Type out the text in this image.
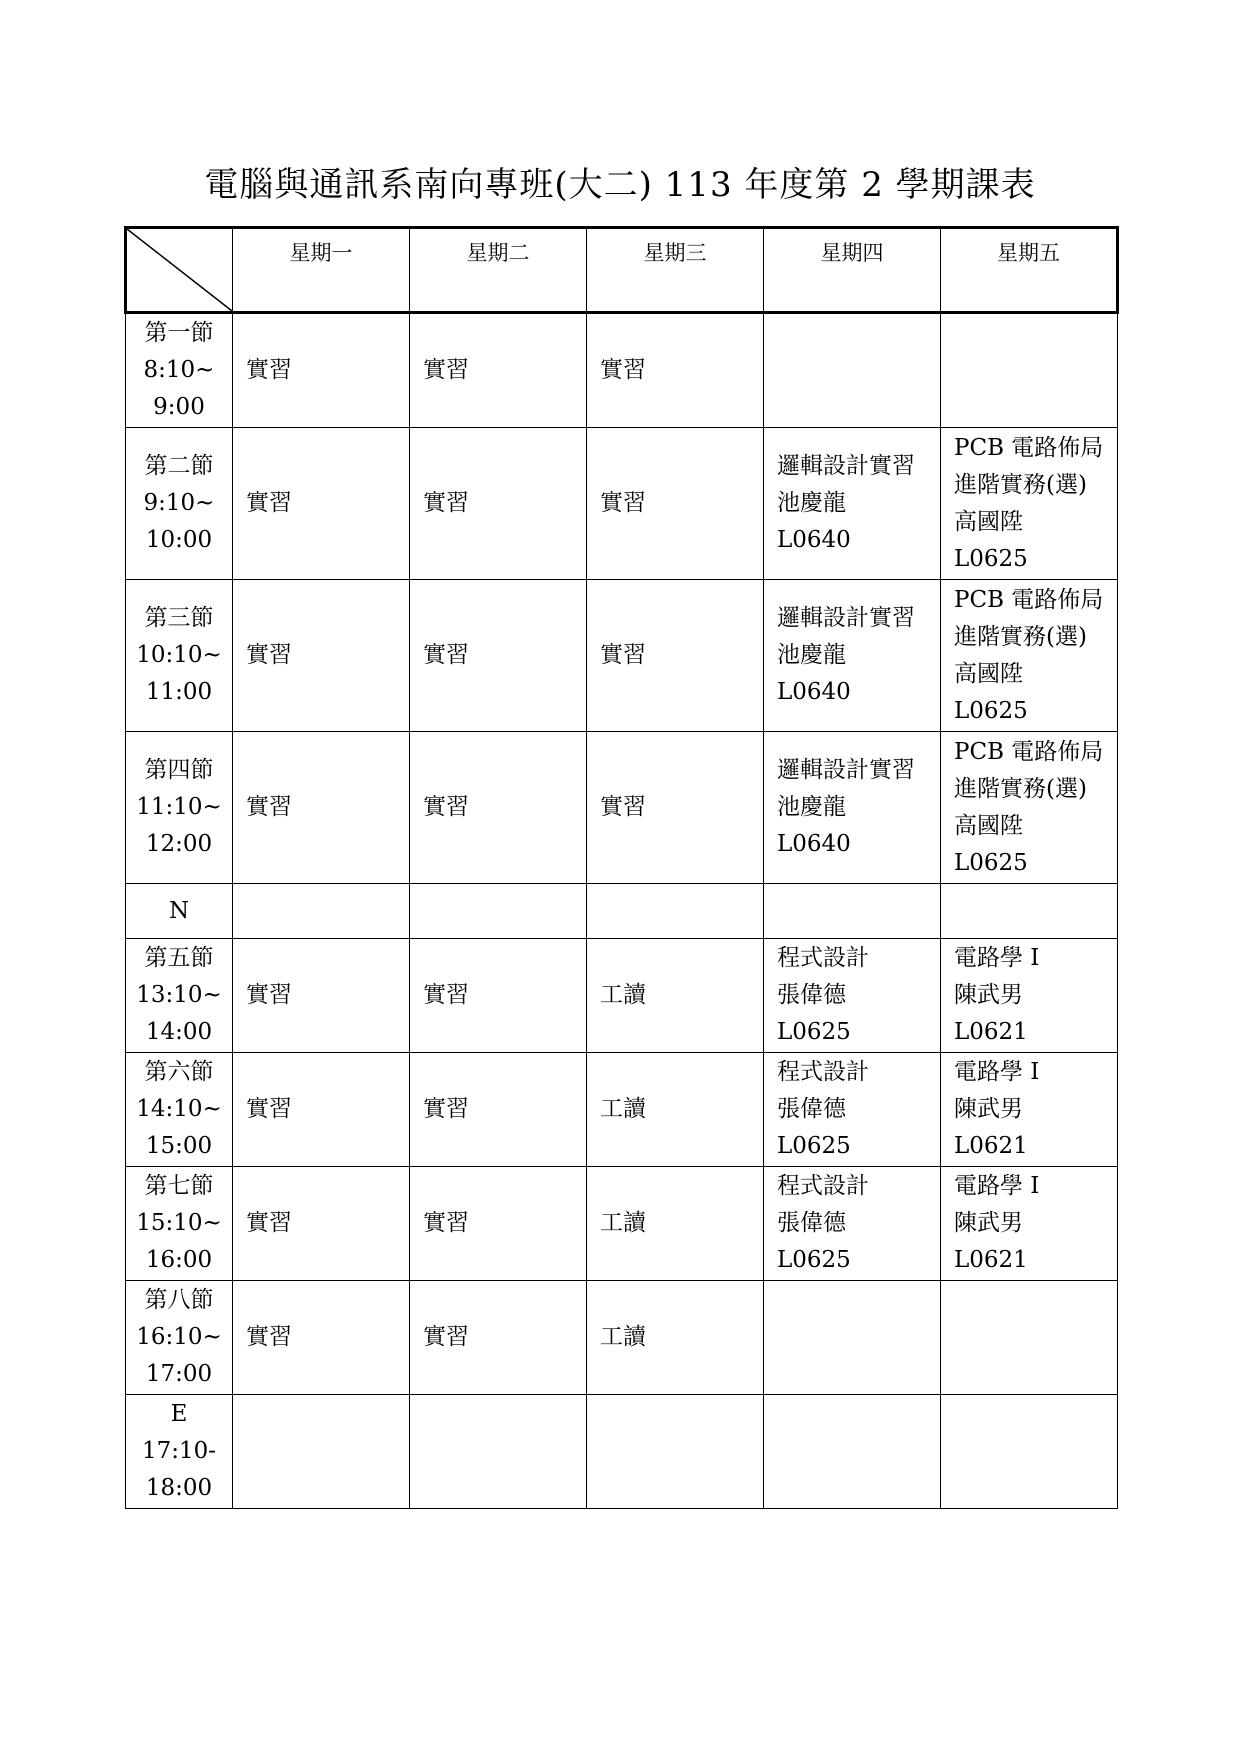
電腦與通訊系南向專班(大二) 113 年度第 2 學期課表
	星期一	星期二	星期三	星期四	星期五

第一節
8:10~
9:00	實習	實習	實習		

第二節
9:10~
10:00	實習	實習	實習	邏輯設計實習
池慶龍
L0640	PCB 電路佈局
進階實務(選)
高國陞
L0625

第三節
10:10~
11:00	實習	實習	實習	邏輯設計實習
池慶龍
L0640	PCB 電路佈局
進階實務(選)
高國陞
L0625

第四節
11:10~
12:00	實習	實習	實習	邏輯設計實習
池慶龍
L0640	PCB 電路佈局
進階實務(選)
高國陞
L0625

N					

第五節
13:10~
14:00	實習	實習	工讀	程式設計
張偉德
L0625	電路學 I
陳武男
L0621

第六節
14:10~
15:00	實習	實習	工讀	程式設計
張偉德
L0625	電路學 I
陳武男
L0621

第七節
15:10~
16:00	實習	實習	工讀	程式設計
張偉德
L0625	電路學 I
陳武男
L0621

第八節
16:10~
17:00	實習	實習	工讀		

E
17:10-
18:00					
